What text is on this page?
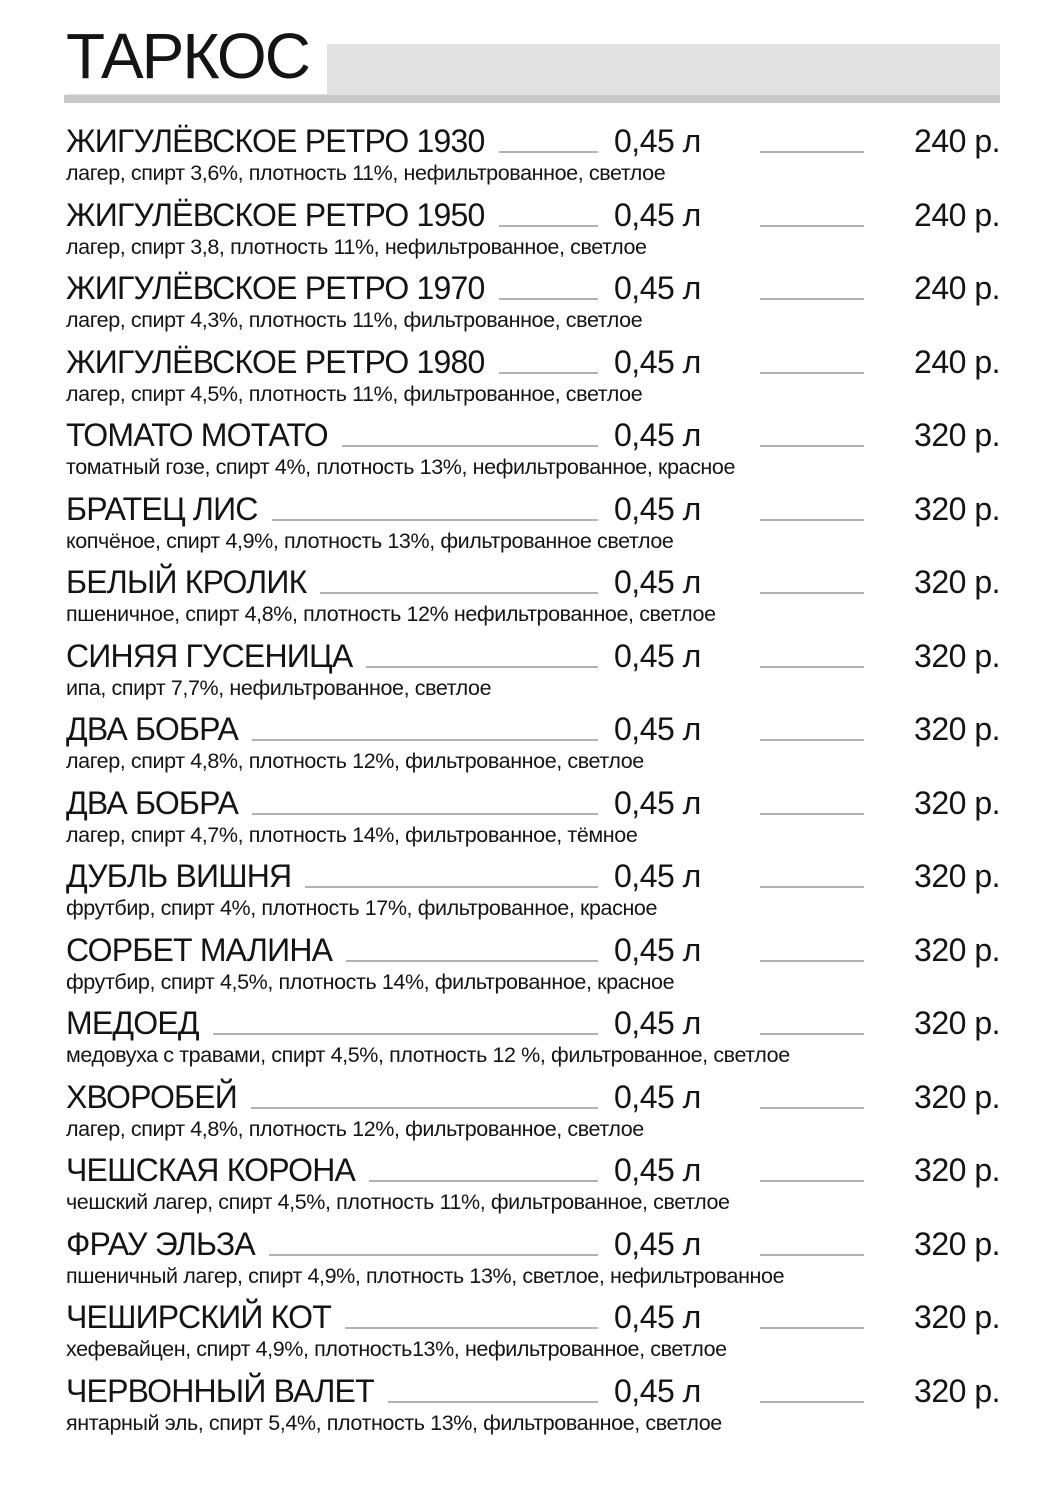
ТАРКОС
ЖИГУЛЁВСКОЕ РЕТРО 1930	0,45 л	240 р.
лагер, спирт 3,6%, плотность 11%, нефильтрованное, светлое
ЖИГУЛЁВСКОЕ РЕТРО 1950	0,45 л	240 р.
лагер, спирт 3,8, плотность 11%, нефильтрованное, светлое
ЖИГУЛЁВСКОЕ РЕТРО 1970	0,45 л	240 р.
лагер, спирт 4,3%, плотность 11%, фильтрованное, светлое
ЖИГУЛЁВСКОЕ РЕТРО 1980	0,45 л	240 р.
лагер, спирт 4,5%, плотность 11%, фильтрованное, светлое
ТОМАТО МОТАТО	0,45 л	320 р.
томатный гозе, спирт 4%, плотность 13%, нефильтрованное, красное
БРАТЕЦ ЛИС	0,45 л	320 р.
копчёное, спирт 4,9%, плотность 13%, фильтрованное светлое
БЕЛЫЙ КРОЛИК	0,45 л	320 р.
пшеничное, спирт 4,8%, плотность 12% нефильтрованное, светлое
СИНЯЯ ГУСЕНИЦА	0,45 л	320 р.
ипа, спирт 7,7%, нефильтрованное, светлое
ДВА БОБРА	0,45 л	320 р.
лагер, спирт 4,8%, плотность 12%, фильтрованное, светлое
ДВА БОБРА	0,45 л	320 р.
лагер, спирт 4,7%, плотность 14%, фильтрованное, тёмное
ДУБЛЬ ВИШНЯ	0,45 л	320 р.
фрутбир, спирт 4%, плотность 17%, фильтрованное, красное
СОРБЕТ МАЛИНА	0,45 л	320 р.
фрутбир, спирт 4,5%, плотность 14%, фильтрованное, красное
МЕДОЕД	0,45 л	320 р.
медовуха с травами, спирт 4,5%, плотность 12 %, фильтрованное, светлое
ХВОРОБЕЙ	0,45 л	320 р.
лагер, спирт 4,8%, плотность 12%, фильтрованное, светлое
ЧЕШСКАЯ КОРОНА	0,45 л	320 р.
чешский лагер, спирт 4,5%, плотность 11%, фильтрованное, светлое
ФРАУ ЭЛЬЗА	0,45 л	320 р.
пшеничный лагер, спирт 4,9%, плотность 13%, светлое, нефильтрованное
ЧЕШИРСКИЙ КОТ	0,45 л	320 р.
хефевайцен, спирт 4,9%, плотность13%, нефильтрованное, светлое
ЧЕРВОННЫЙ ВАЛЕТ	0,45 л	320 р.
янтарный эль, спирт 5,4%, плотность 13%, фильтрованное, светлое
